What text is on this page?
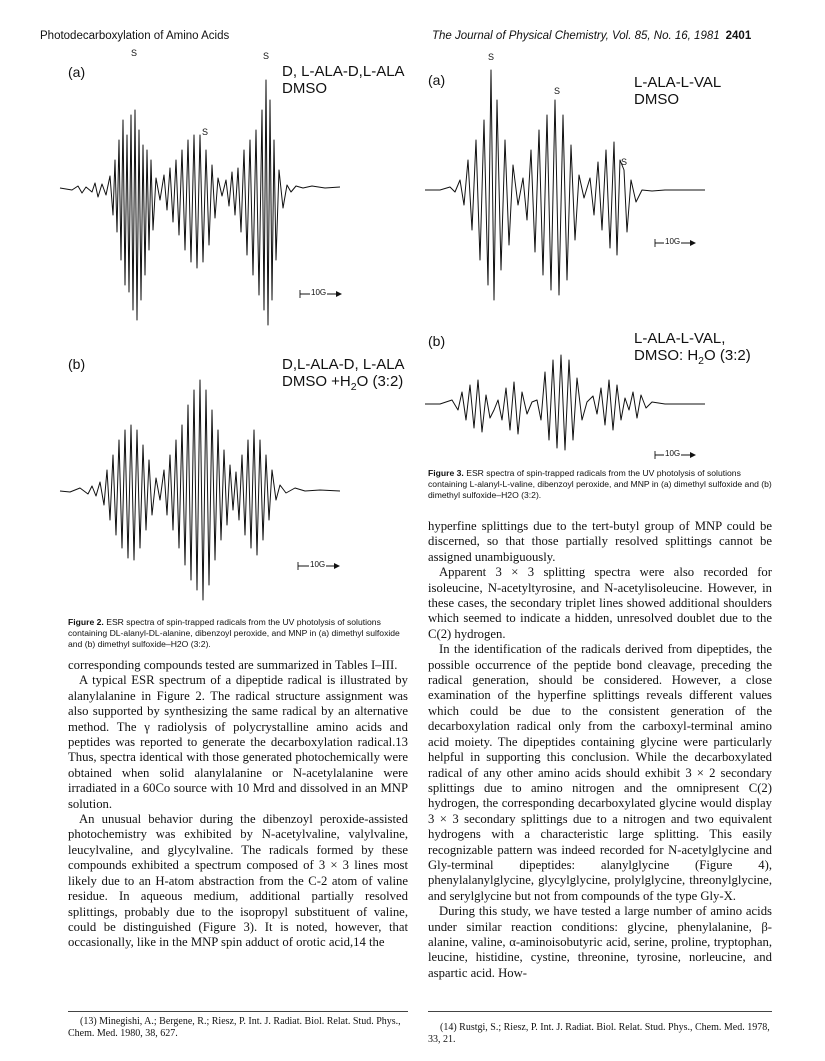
Photodecarboxylation of Amino Acids	The Journal of Physical Chemistry, Vol. 85, No. 16, 1981 2401
(a)	D, L-ALA-D,L-ALA
DMSO
S	S
S
10G
(b)	D,L-ALA-D, L-ALA
DMSO $+H_2O$ (3:2)
10G
Figure 2. ESR spectra of spin-trapped radicals from the UV photolysis of solutions containing DL-alanyl-DL-alanine, dibenzoyl peroxide, and MNP in (a) dimethyl sulfoxide and (b) dimethyl sulfoxide–H2O (3:2).
(a)	L-ALA-L-VAL
DMSO
S
S
S
10G
(b)	L-ALA-L-VAL,
DMSO: $H_2O$ (3:2)
10G
Figure 3. ESR spectra of spin-trapped radicals from the UV photolysis of solutions containing L-alanyl-L-valine, dibenzoyl peroxide, and MNP in (a) dimethyl sulfoxide and (b) dimethyl sulfoxide–H2O (3:2).

corresponding compounds tested are summarized in Tables I–III.

A typical ESR spectrum of a dipeptide radical is illustrated by alanylalanine in Figure 2. The radical structure assignment was also supported by synthesizing the same radical by an alternative method. The γ radiolysis of polycrystalline amino acids and peptides was reported to generate the decarboxylation radical.13 Thus, spectra identical with those generated photochemically were obtained when solid alanylalanine or N-acetylalanine were irradiated in a 60Co source with 10 Mrd and dissolved in an MNP solution.

An unusual behavior during the dibenzoyl peroxide-assisted photochemistry was exhibited by N-acetylvaline, valylvaline, leucylvaline, and glycylvaline. The radicals formed by these compounds exhibited a spectrum composed of 3 × 3 lines most likely due to an H-atom abstraction from the C-2 atom of valine residue. In aqueous medium, additional partially resolved splittings, probably due to the isopropyl substituent of valine, could be distinguished (Figure 3). It is noted, however, that occasionally, like in the MNP spin adduct of orotic acid,14 the

hyperfine splittings due to the tert-butyl group of MNP could be discerned, so that those partially resolved splittings cannot be assigned unambiguously.

Apparent 3 × 3 splitting spectra were also recorded for isoleucine, N-acetyltyrosine, and N-acetylisoleucine. However, in these cases, the secondary triplet lines showed additional shoulders which seemed to indicate a hidden, unresolved doublet due to the C(2) hydrogen.

In the identification of the radicals derived from dipeptides, the possible occurrence of the peptide bond cleavage, preceding the radical generation, should be considered. However, a close examination of the hyperfine splittings reveals different values which could be due to the consistent generation of the decarboxylation radical only from the carboxyl-terminal amino acid moiety. The dipeptides containing glycine were particularly helpful in supporting this conclusion. While the decarboxylated radical of any other amino acids should exhibit 3 × 2 secondary splittings due to amino nitrogen and the omnipresent C(2) hydrogen, the corresponding decarboxylated glycine would display 3 × 3 secondary splittings due to a nitrogen and two equivalent hydrogens with a characteristic large splitting. This easily recognizable pattern was indeed recorded for N-acetylglycine and Gly-terminal dipeptides: alanylglycine (Figure 4), phenylalanylglycine, glycylglycine, prolylglycine, threonylglycine, and serylglycine but not from compounds of the type Gly-X.

During this study, we have tested a large number of amino acids under similar reaction conditions: glycine, phenylalanine, β-alanine, valine, α-aminoisobutyric acid, serine, proline, tryptophan, leucine, histidine, cystine, threonine, tyrosine, norleucine, and aspartic acid. How-

(13) Minegishi, A.; Bergene, R.; Riesz, P. Int. J. Radiat. Biol. Relat. Stud. Phys., Chem. Med. 1980, 38, 627.
(14) Rustgi, S.; Riesz, P. Int. J. Radiat. Biol. Relat. Stud. Phys., Chem. Med. 1978, 33, 21.
